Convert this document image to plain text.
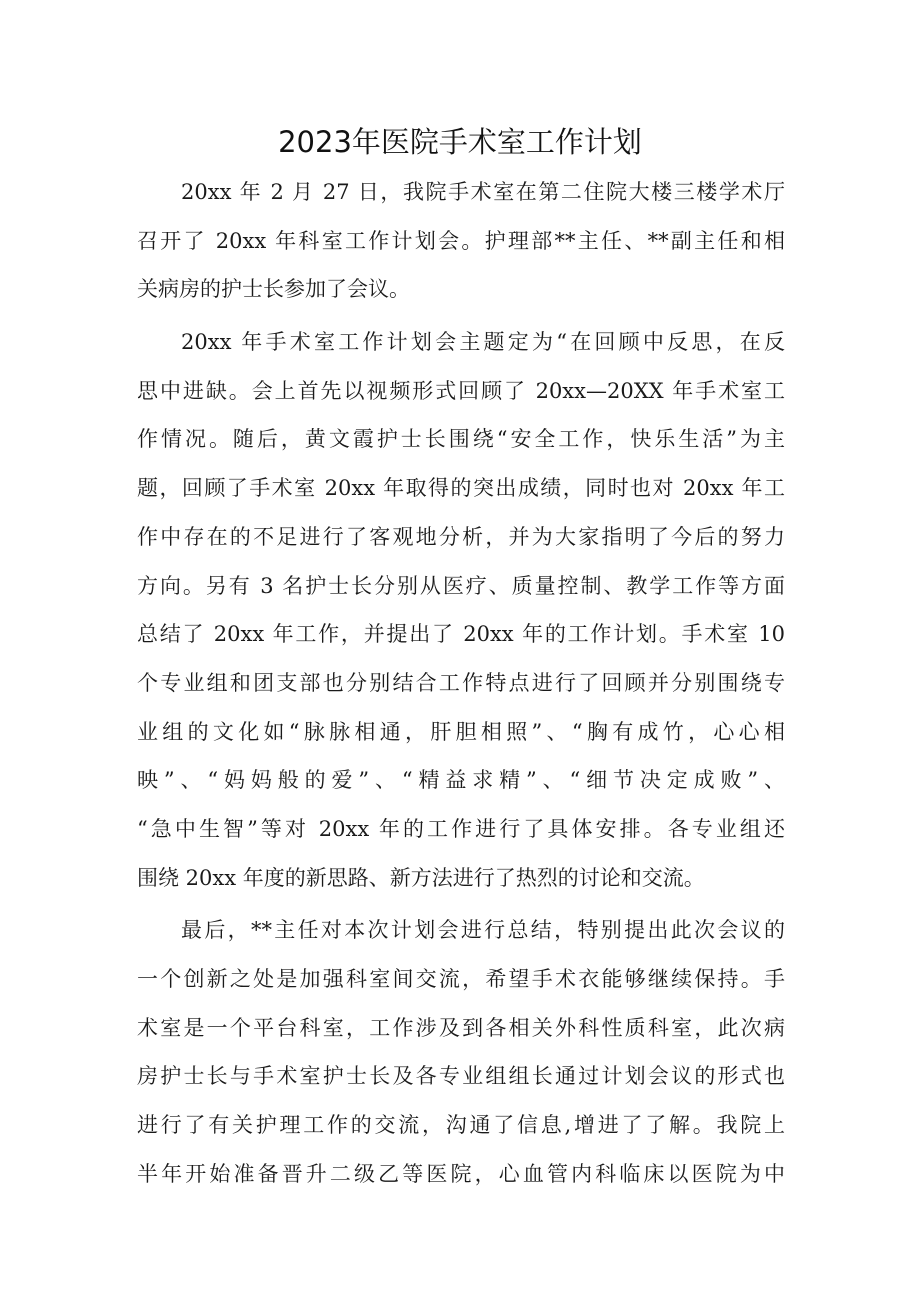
2023年医院手术室工作计划

20xx 年 2 月 27 日，我院手术室在第二住院大楼三楼学术厅
召开了 20xx 年科室工作计划会。护理部**主任、**副主任和相
关病房的护士长参加了会议。

20xx 年手术室工作计划会主题定为“在回顾中反思，在反
思中进缺。会上首先以视频形式回顾了 20xx—20XX 年手术室工
作情况。随后，黄文霞护士长围绕“安全工作，快乐生活”为主
题，回顾了手术室 20xx 年取得的突出成绩，同时也对 20xx 年工
作中存在的不足进行了客观地分析，并为大家指明了今后的努力
方向。另有 3 名护士长分别从医疗、质量控制、教学工作等方面
总结了 20xx 年工作，并提出了 20xx 年的工作计划。手术室 10
个专业组和团支部也分别结合工作特点进行了回顾并分别围绕专
业组的文化如“脉脉相通，肝胆相照”、“胸有成竹，心心相
映”、“妈妈般的爱”、“精益求精”、“细节决定成败”、
“急中生智”等对 20xx 年的工作进行了具体安排。各专业组还
围绕 20xx 年度的新思路、新方法进行了热烈的讨论和交流。

最后，**主任对本次计划会进行总结，特别提出此次会议的
一个创新之处是加强科室间交流，希望手术衣能够继续保持。手
术室是一个平台科室，工作涉及到各相关外科性质科室，此次病
房护士长与手术室护士长及各专业组组长通过计划会议的形式也
进行了有关护理工作的交流，沟通了信息,增进了了解。我院上
半年开始准备晋升二级乙等医院，心血管内科临床以医院为中
